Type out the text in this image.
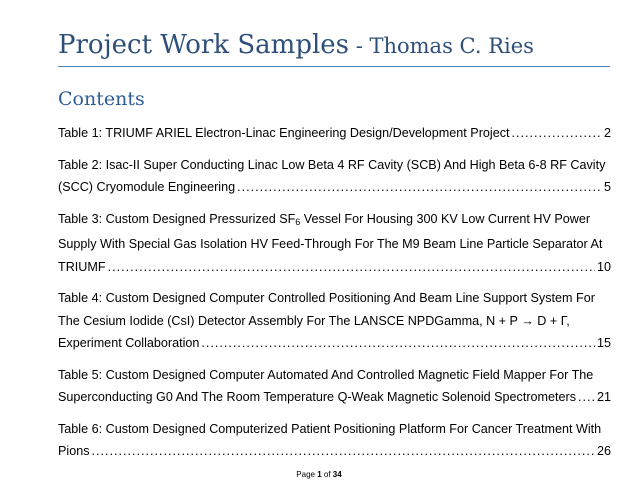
Project Work Samples - Thomas C. Ries
Contents
Table 1: TRIUMF ARIEL Electron-Linac Engineering Design/Development Project .....	2
Table 2: Isac-II Super Conducting Linac Low Beta 4 RF Cavity (SCB) And High Beta 6-8 RF Cavity
(SCC) Cryomodule Engineering .....	5
Table 3: Custom Designed Pressurized $SF_6$ Vessel For Housing 300 KV Low Current HV Power
Supply With Special Gas Isolation HV Feed-Through For The M9 Beam Line Particle Separator At
TRIUMF .....	10
Table 4: Custom Designed Computer Controlled Positioning And Beam Line Support System For
The Cesium Iodide (CsI) Detector Assembly For The LANSCE NPDGamma, N + P → D + Γ,
Experiment Collaboration .....	15
Table 5: Custom Designed Computer Automated And Controlled Magnetic Field Mapper For The
Superconducting G0 And The Room Temperature Q-Weak Magnetic Solenoid Spectrometers ..... 21
Table 6: Custom Designed Computerized Patient Positioning Platform For Cancer Treatment With
Pions .....	26
Page 1 of 34
